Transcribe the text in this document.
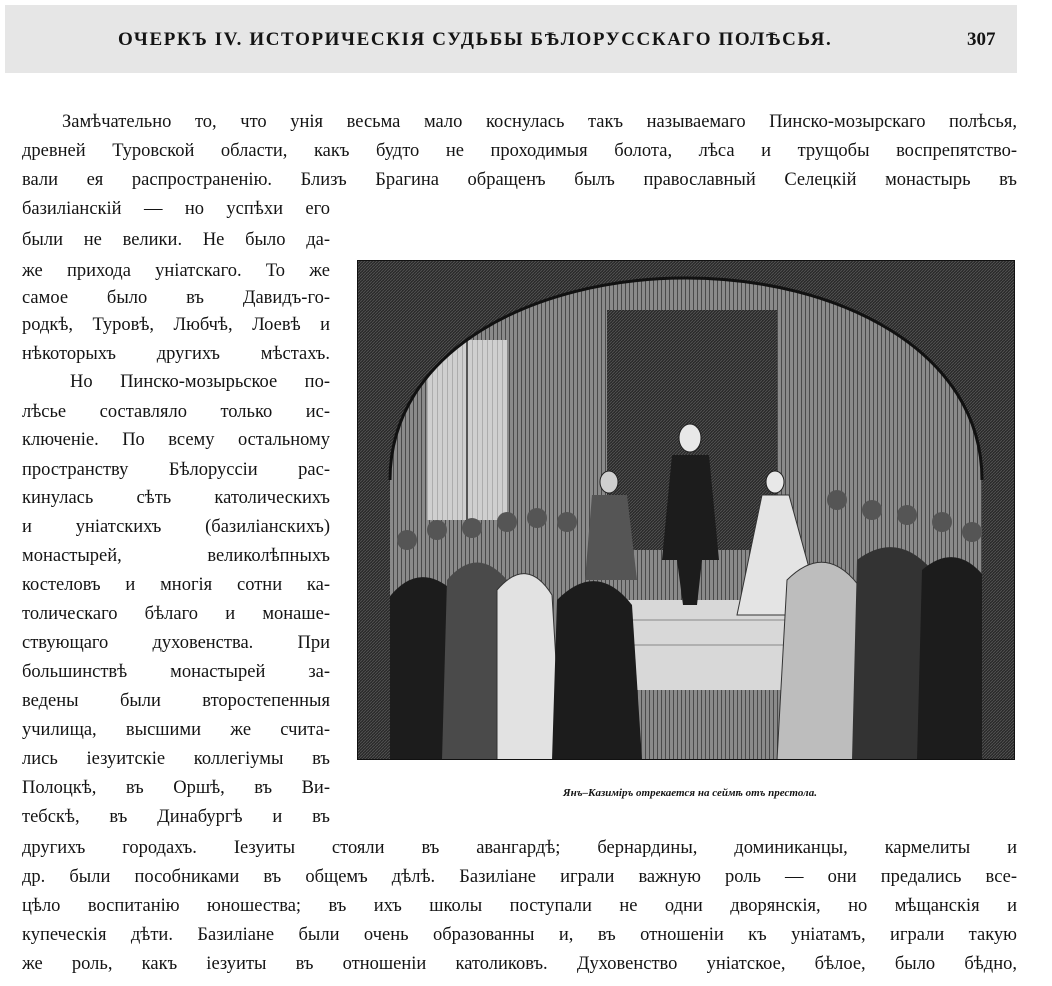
ОЧЕРКЪ IV. ИСТОРИЧЕСКІЯ СУДЬБЫ БѢЛОРУССКАГО ПОЛѢСЬЯ.	307
Замѣчательно то, что унія весьма мало коснулась такъ называемаго Пинско-мозырскаго полѣсья,
древней Туровской области, какъ будто не проходимыя болота, лѣса и трущобы воспрепятство-
вали ея распространенію. Близъ Брагина обращенъ былъ православный Селецкій монастырь въ
базиліанскій — но успѣхи его
были не велики. Не было да-
же прихода уніатскаго. То же
самое было въ Давидъ-го-
родкѣ, Туровѣ, Любчѣ, Лоевѣ и
нѣкоторыхъ другихъ мѣстахъ.
Но Пинско-мозырьское по-
лѣсье составляло только ис-
ключеніе. По всему остальному
пространству Бѣлоруссіи рас-
кинулась сѣть католическихъ
и уніатскихъ (базиліанскихъ)
монастырей, великолѣпныхъ
костеловъ и многія сотни ка-
толическаго бѣлаго и монаше-
ствующаго духовенства. При
большинствѣ монастырей за-
ведены были второстепенныя
училища, высшими же счита-
лись іезуитскіе коллегіумы въ
Полоцкѣ, въ Оршѣ, въ Ви-
тебскѣ, въ Динабургѣ и въ
Янъ–Казиміръ отрекается на сеймѣ отъ престола.
другихъ городахъ. Іезуиты стояли въ авангардѣ; бернардины, доминиканцы, кармелиты и
др. были пособниками въ общемъ дѣлѣ. Базиліане играли важную роль — они предались все-
цѣло воспитанію юношества; въ ихъ школы поступали не одни дворянскія, но мѣщанскія и
купеческія дѣти. Базиліане были очень образованны и, въ отношеніи къ уніатамъ, играли такую
же роль, какъ іезуиты въ отношеніи католиковъ. Духовенство уніатское, бѣлое, было бѣдно,
